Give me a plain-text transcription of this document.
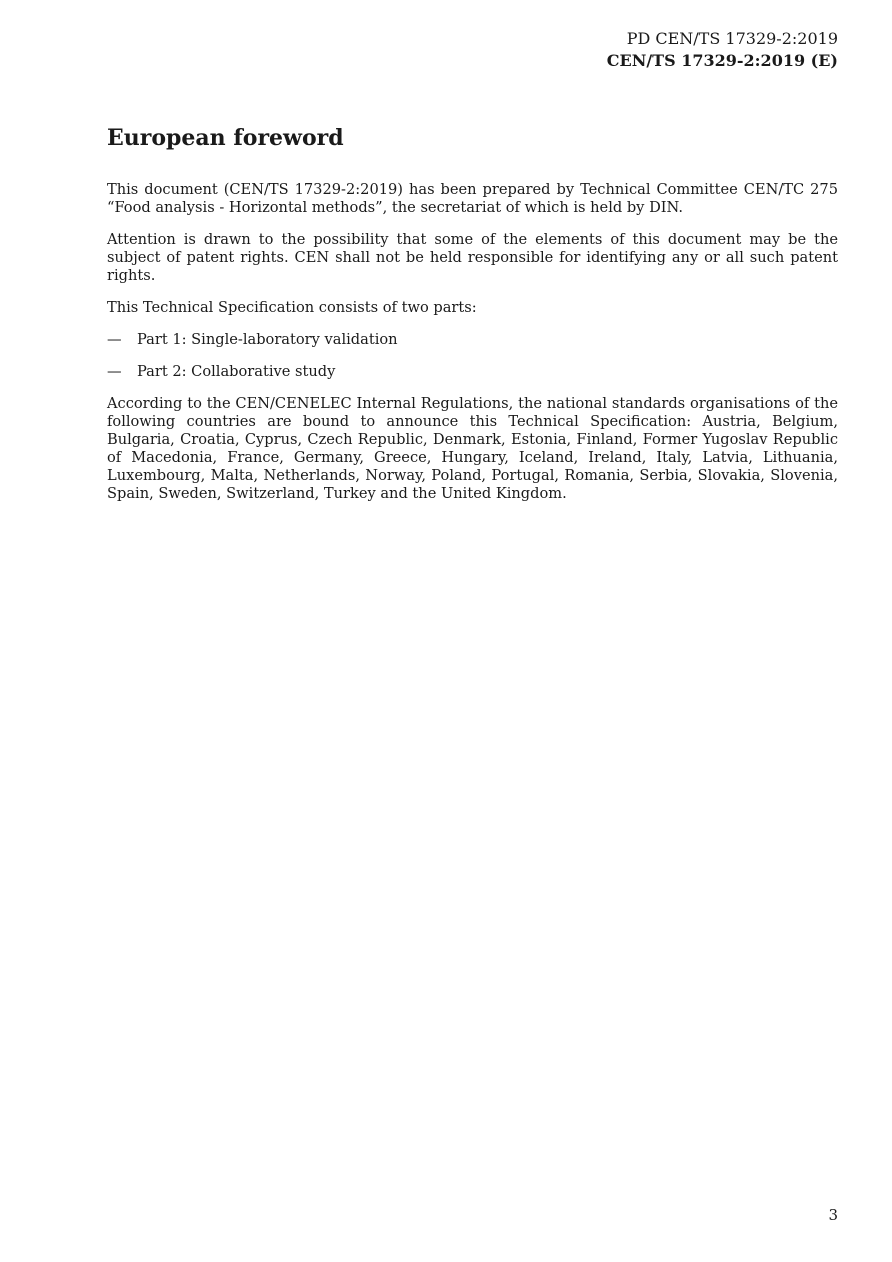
PD CEN/TS 17329-2:2019
CEN/TS 17329-2:2019 (E)
European foreword

This document (CEN/TS 17329-2:2019) has been prepared by Technical Committee CEN/TC 275 “Food analysis - Horizontal methods”, the secretariat of which is held by DIN.

Attention is drawn to the possibility that some of the elements of this document may be the subject of patent rights. CEN shall not be held responsible for identifying any or all such patent rights.

This Technical Specification consists of two parts:

—	Part 1: Single-laboratory validation
—	Part 2: Collaborative study

According to the CEN/CENELEC Internal Regulations, the national standards organisations of the following countries are bound to announce this Technical Specification: Austria, Belgium, Bulgaria, Croatia, Cyprus, Czech Republic, Denmark, Estonia, Finland, Former Yugoslav Republic of Macedonia, France, Germany, Greece, Hungary, Iceland, Ireland, Italy, Latvia, Lithuania, Luxembourg, Malta, Netherlands, Norway, Poland, Portugal, Romania, Serbia, Slovakia, Slovenia, Spain, Sweden, Switzerland, Turkey and the United Kingdom.

3
